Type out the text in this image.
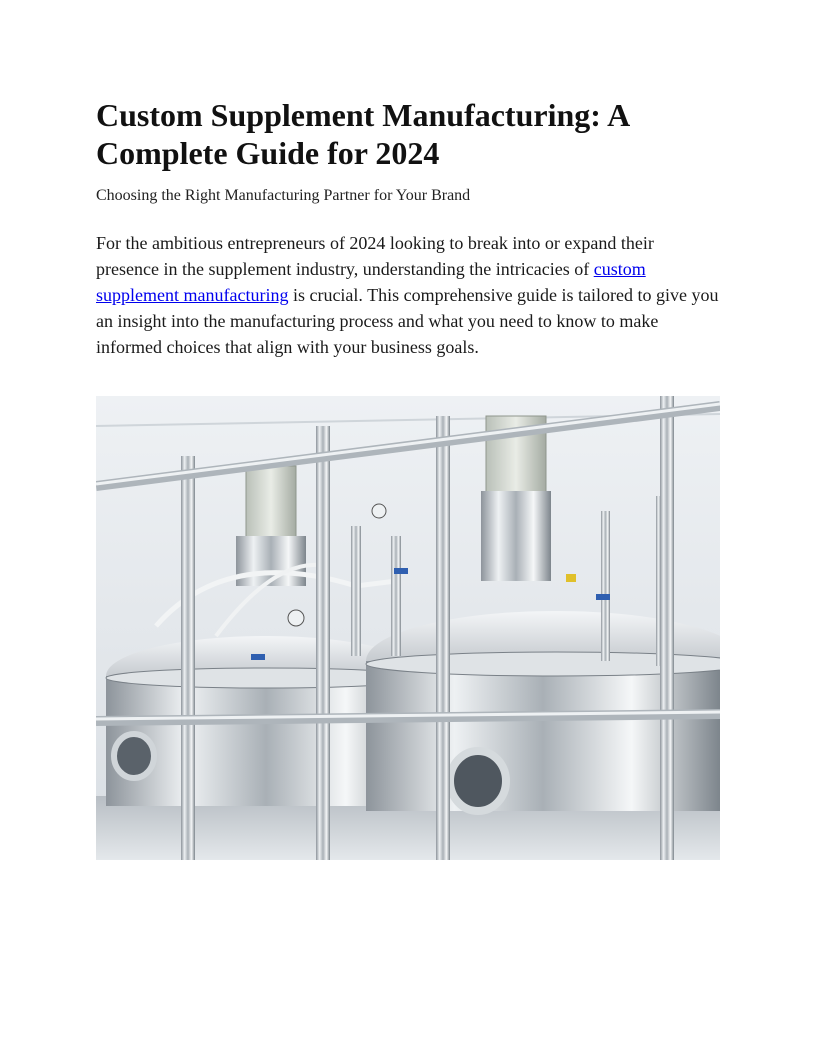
Custom Supplement Manufacturing: A Complete Guide for 2024

Choosing the Right Manufacturing Partner for Your Brand

For the ambitious entrepreneurs of 2024 looking to break into or expand their presence in the supplement industry, understanding the intricacies of custom supplement manufacturing is crucial. This comprehensive guide is tailored to give you an insight into the manufacturing process and what you need to know to make informed choices that align with your business goals.
